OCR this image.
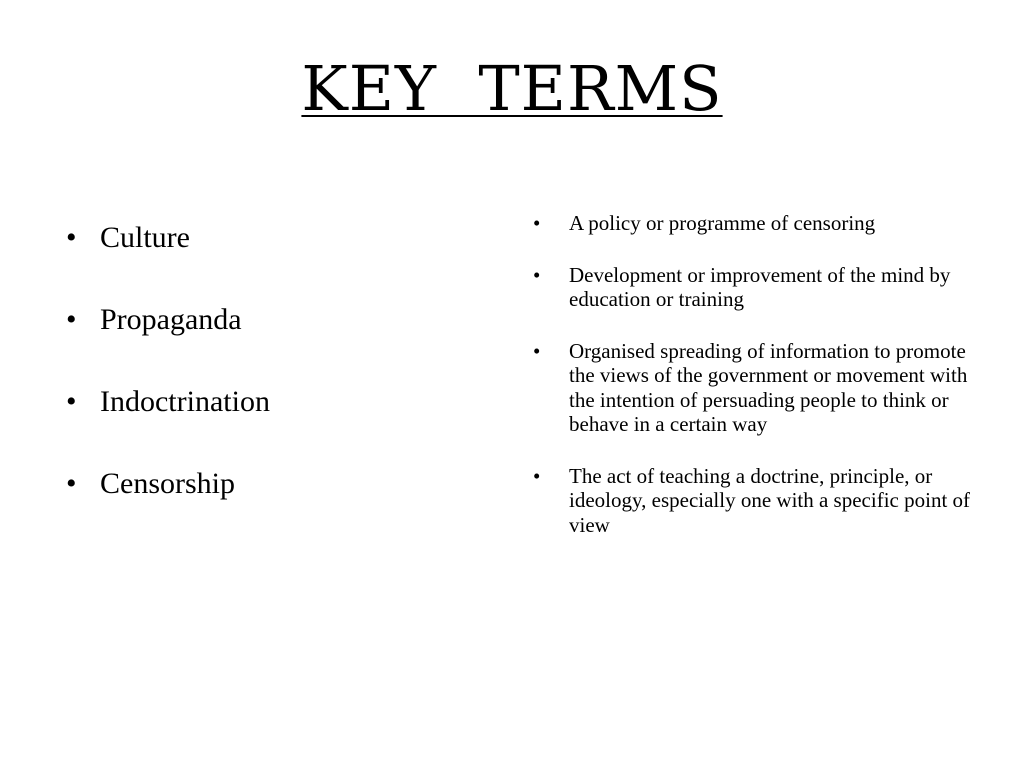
KEY  TERMS
• Culture
• Propaganda
• Indoctrination
• Censorship
• A policy or programme of censoring
• Development or improvement of the mind by education or training
• Organised spreading of information to promote the views of the government or movement with the intention of persuading people to think or behave in a certain way
• The act of teaching a doctrine, principle, or ideology, especially one with a specific point of view
